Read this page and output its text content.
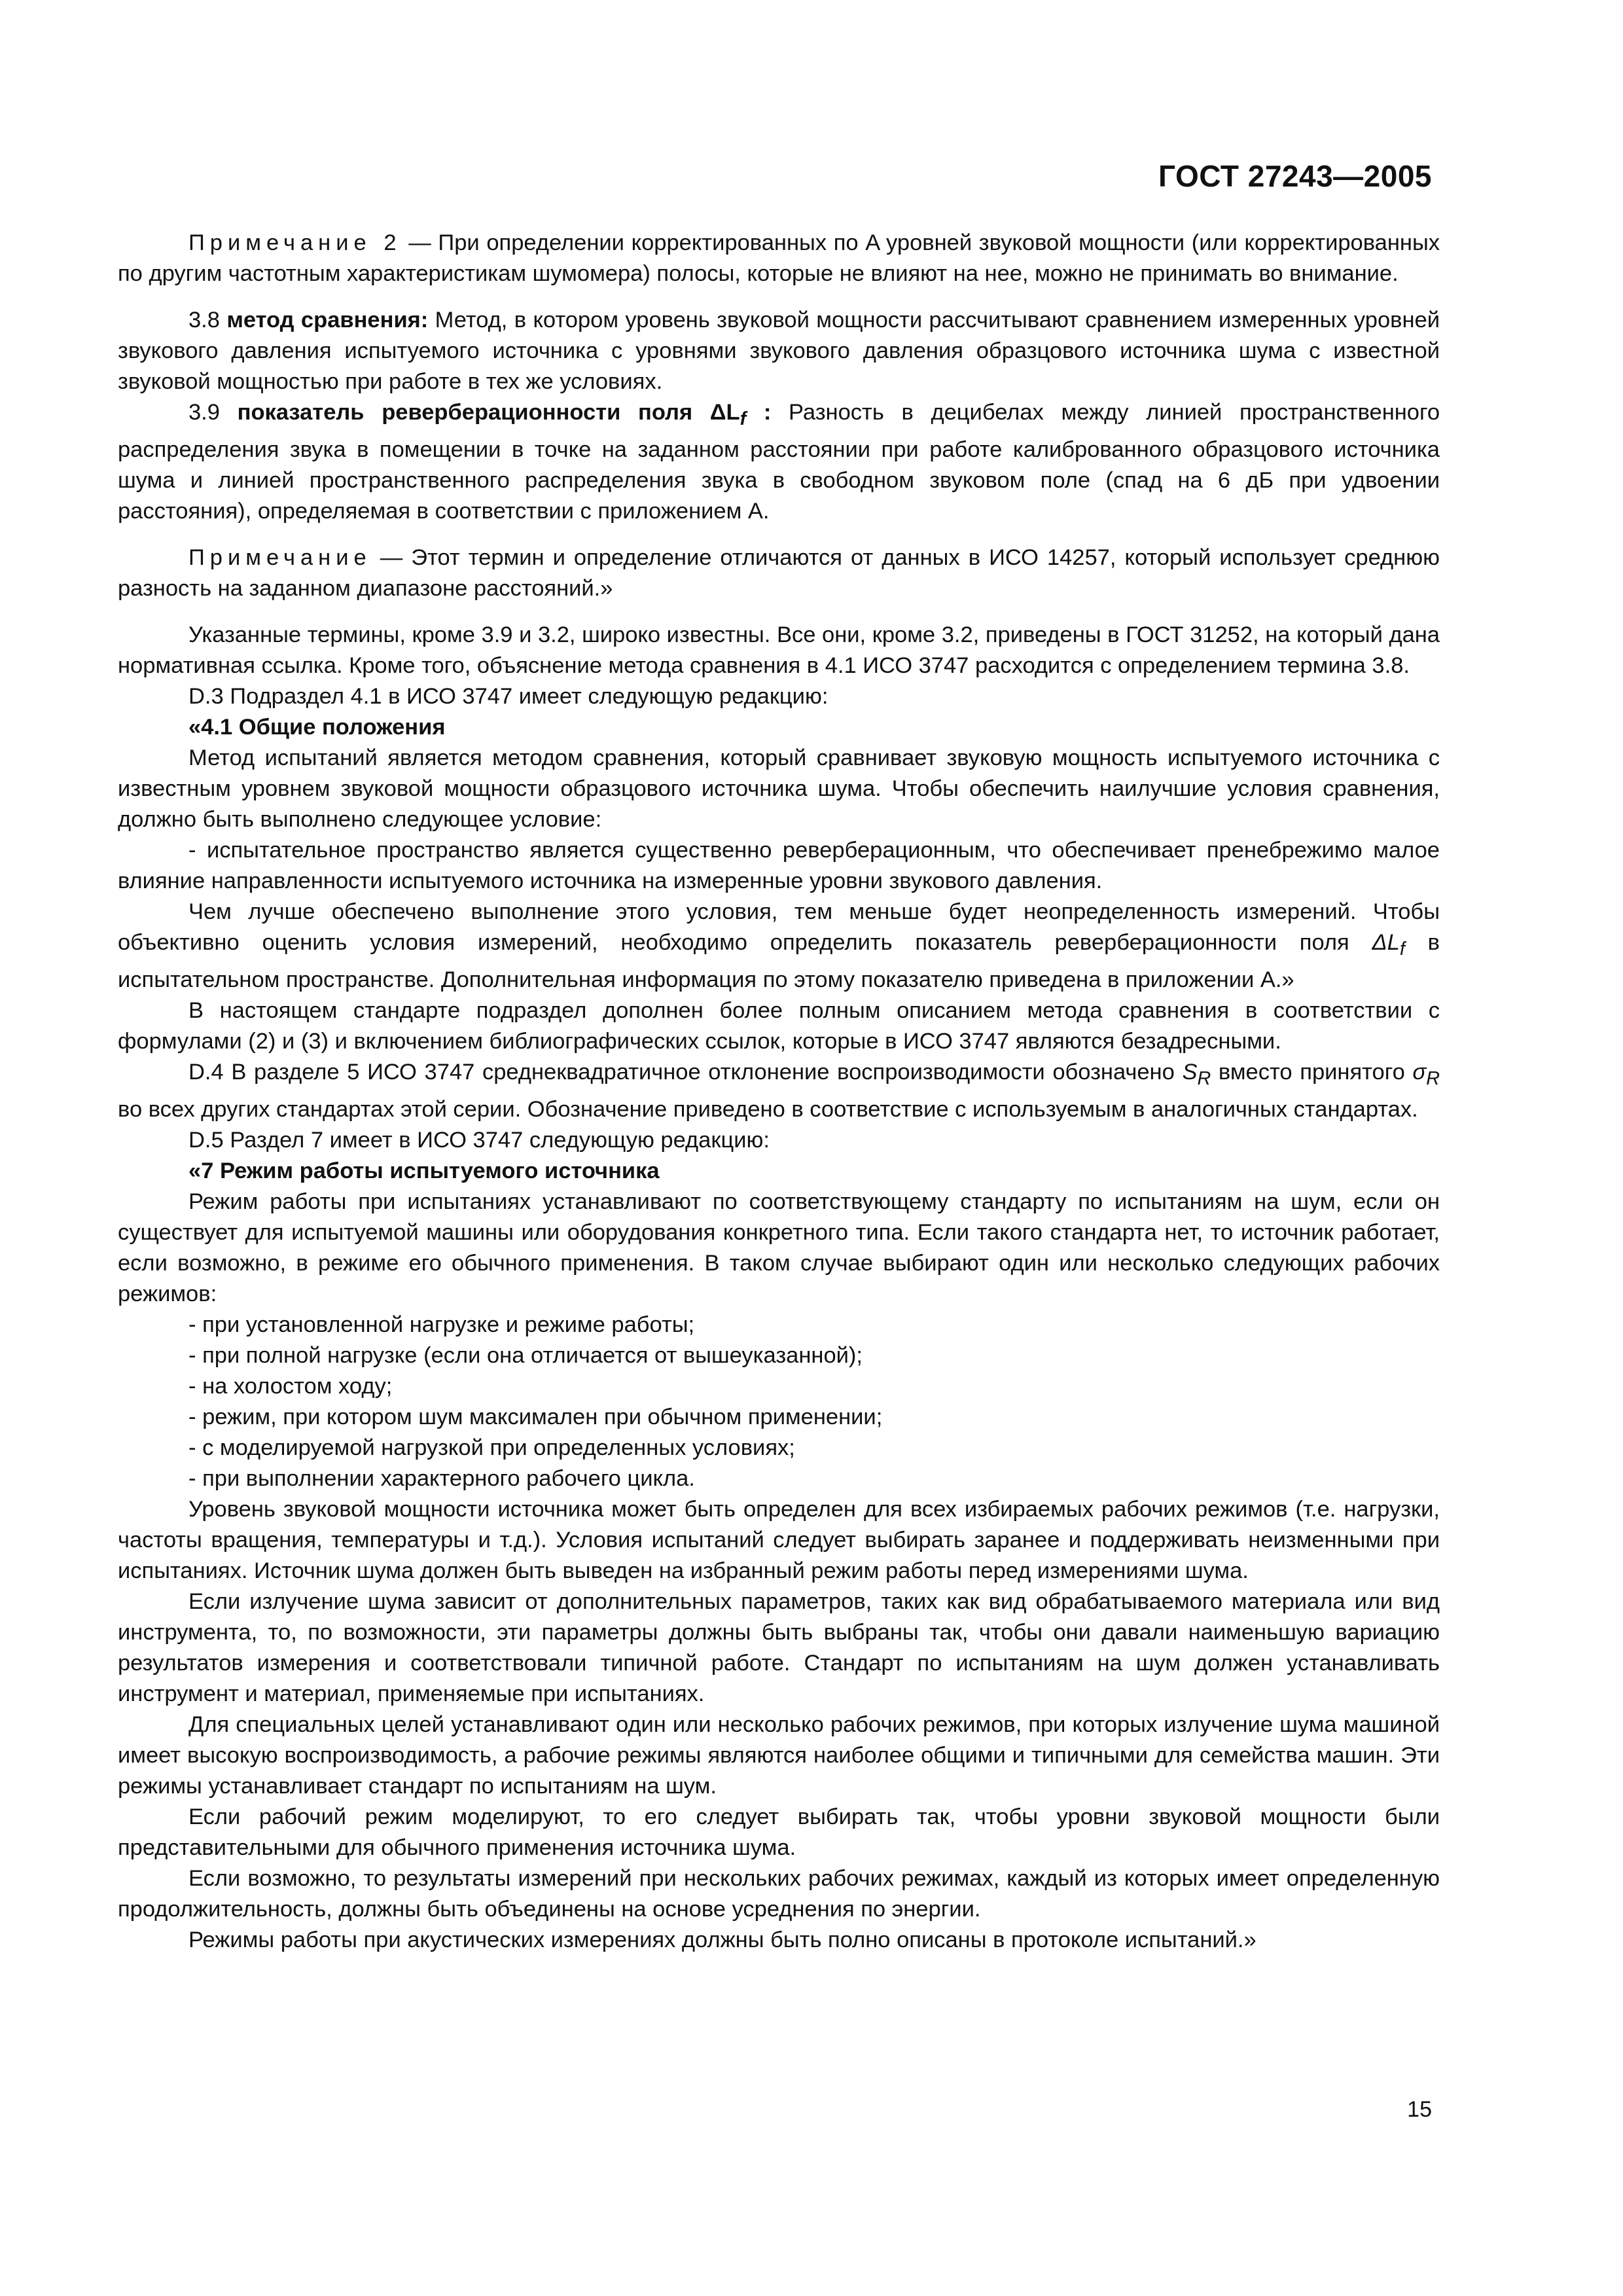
ГОСТ 27243—2005

Примечание 2 — При определении корректированных по A уровней звуковой мощности (или корректированных по другим частотным характеристикам шумомера) полосы, которые не влияют на нее, можно не принимать во внимание.

3.8 метод сравнения: Метод, в котором уровень звуковой мощности рассчитывают сравнением измеренных уровней звукового давления испытуемого источника с уровнями звукового давления образцового источника шума с известной звуковой мощностью при работе в тех же условиях.

3.9 показатель реверберационности поля $\Delta L_f$ : Разность в децибелах между линией пространственного распределения звука в помещении в точке на заданном расстоянии при работе калиброванного образцового источника шума и линией пространственного распределения звука в свободном звуковом поле (спад на 6 дБ при удвоении расстояния), определяемая в соответствии с приложением А.

Примечание — Этот термин и определение отличаются от данных в ИСО 14257, который использует среднюю разность на заданном диапазоне расстояний.»

Указанные термины, кроме 3.9 и 3.2, широко известны. Все они, кроме 3.2, приведены в ГОСТ 31252, на который дана нормативная ссылка. Кроме того, объяснение метода сравнения в 4.1 ИСО 3747 расходится с определением термина 3.8.

D.3 Подраздел 4.1 в ИСО 3747 имеет следующую редакцию:

«4.1 Общие положения

Метод испытаний является методом сравнения, который сравнивает звуковую мощность испытуемого источника с известным уровнем звуковой мощности образцового источника шума. Чтобы обеспечить наилучшие условия сравнения, должно быть выполнено следующее условие:

- испытательное пространство является существенно реверберационным, что обеспечивает пренебрежимо малое влияние направленности испытуемого источника на измеренные уровни звукового давления.

Чем лучше обеспечено выполнение этого условия, тем меньше будет неопределенность измерений. Чтобы объективно оценить условия измерений, необходимо определить показатель реверберационности поля $\Delta L_f$ в испытательном пространстве. Дополнительная информация по этому показателю приведена в приложении А.»

В настоящем стандарте подраздел дополнен более полным описанием метода сравнения в соответствии с формулами (2) и (3) и включением библиографических ссылок, которые в ИСО 3747 являются безадресными.

D.4 В разделе 5 ИСО 3747 среднеквадратичное отклонение воспроизводимости обозначено $S_R$ вместо принятого $\sigma_R$ во всех других стандартах этой серии. Обозначение приведено в соответствие с используемым в аналогичных стандартах.

D.5 Раздел 7 имеет в ИСО 3747 следующую редакцию:

«7 Режим работы испытуемого источника

Режим работы при испытаниях устанавливают по соответствующему стандарту по испытаниям на шум, если он существует для испытуемой машины или оборудования конкретного типа. Если такого стандарта нет, то источник работает, если возможно, в режиме его обычного применения. В таком случае выбирают один или несколько следующих рабочих режимов:

- при установленной нагрузке и режиме работы;

- при полной нагрузке (если она отличается от вышеуказанной);

- на холостом ходу;

- режим, при котором шум максимален при обычном применении;

- с моделируемой нагрузкой при определенных условиях;

- при выполнении характерного рабочего цикла.

Уровень звуковой мощности источника может быть определен для всех избираемых рабочих режимов (т.е. нагрузки, частоты вращения, температуры и т.д.). Условия испытаний следует выбирать заранее и поддерживать неизменными при испытаниях. Источник шума должен быть выведен на избранный режим работы перед измерениями шума.

Если излучение шума зависит от дополнительных параметров, таких как вид обрабатываемого материала или вид инструмента, то, по возможности, эти параметры должны быть выбраны так, чтобы они давали наименьшую вариацию результатов измерения и соответствовали типичной работе. Стандарт по испытаниям на шум должен устанавливать инструмент и материал, применяемые при испытаниях.

Для специальных целей устанавливают один или несколько рабочих режимов, при которых излучение шума машиной имеет высокую воспроизводимость, а рабочие режимы являются наиболее общими и типичными для семейства машин. Эти режимы устанавливает стандарт по испытаниям на шум.

Если рабочий режим моделируют, то его следует выбирать так, чтобы уровни звуковой мощности были представительными для обычного применения источника шума.

Если возможно, то результаты измерений при нескольких рабочих режимах, каждый из которых имеет определенную продолжительность, должны быть объединены на основе усреднения по энергии.

Режимы работы при акустических измерениях должны быть полно описаны в протоколе испытаний.»

15
